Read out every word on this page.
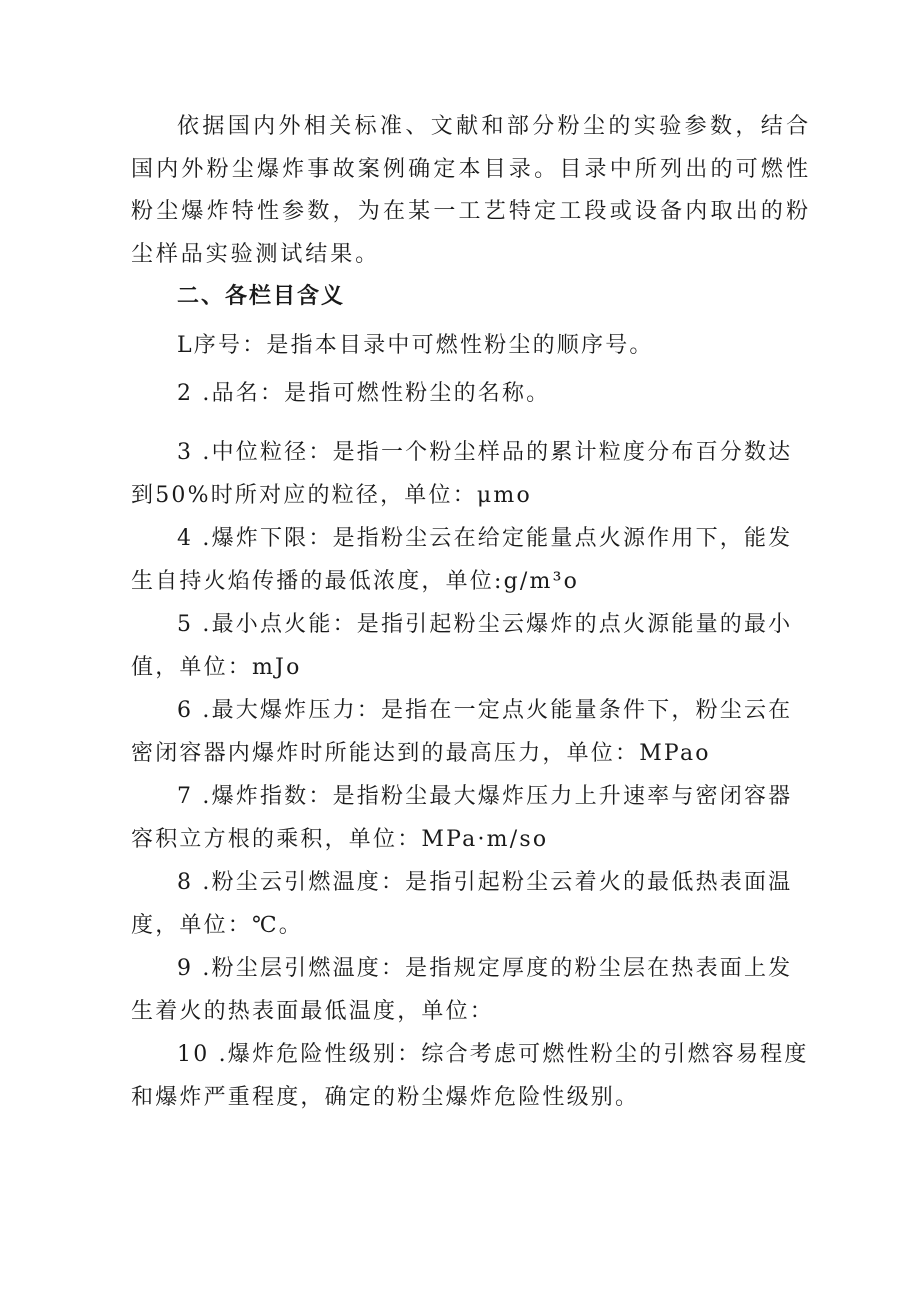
依据国内外相关标准、文献和部分粉尘的实验参数，结合国内外粉尘爆炸事故案例确定本目录。目录中所列出的可燃性粉尘爆炸特性参数，为在某一工艺特定工段或设备内取出的粉尘样品实验测试结果。

二、各栏目含义

L序号：是指本目录中可燃性粉尘的顺序号。

2 .品名：是指可燃性粉尘的名称。

3 .中位粒径：是指一个粉尘样品的累计粒度分布百分数达到50%时所对应的粒径，单位：μmo

4 .爆炸下限：是指粉尘云在给定能量点火源作用下，能发生自持火焰传播的最低浓度，单位:g/m³o

5 .最小点火能：是指引起粉尘云爆炸的点火源能量的最小值，单位：mJo

6 .最大爆炸压力：是指在一定点火能量条件下，粉尘云在密闭容器内爆炸时所能达到的最高压力，单位：MPao

7 .爆炸指数：是指粉尘最大爆炸压力上升速率与密闭容器容积立方根的乘积，单位：MPa·m/so

8 .粉尘云引燃温度：是指引起粉尘云着火的最低热表面温度，单位：℃。

9 .粉尘层引燃温度：是指规定厚度的粉尘层在热表面上发生着火的热表面最低温度，单位：

10 .爆炸危险性级别：综合考虑可燃性粉尘的引燃容易程度和爆炸严重程度，确定的粉尘爆炸危险性级别。
